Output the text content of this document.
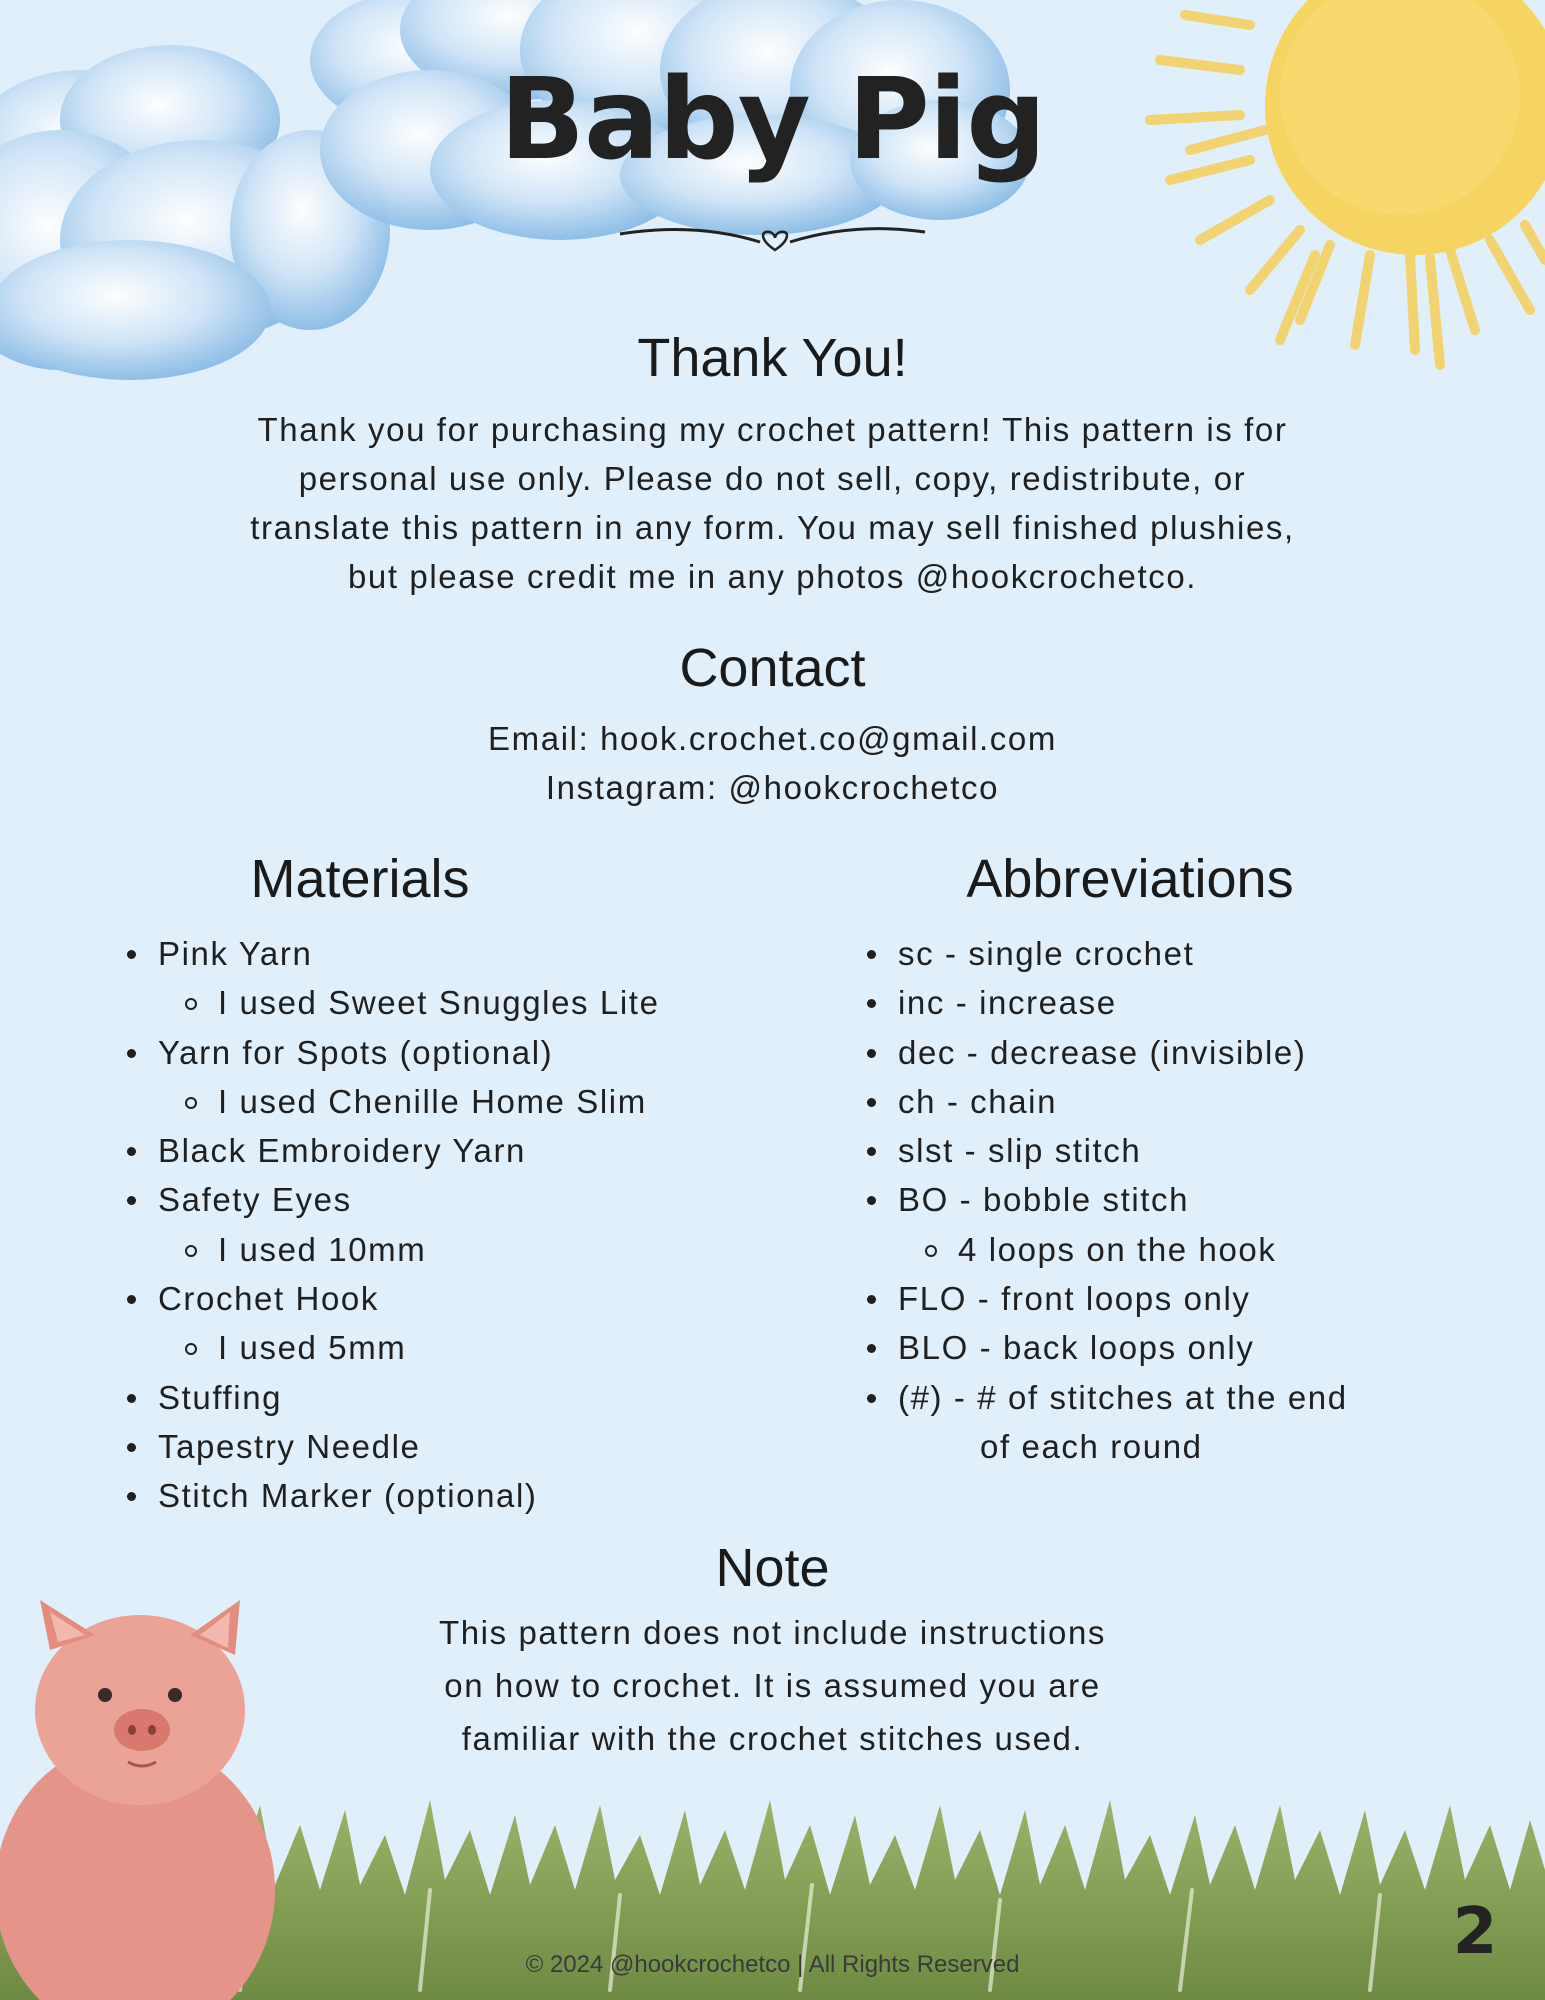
Baby Pig
Thank You!
Thank you for purchasing my crochet pattern! This pattern is for
personal use only. Please do not sell, copy, redistribute, or
translate this pattern in any form. You may sell finished plushies,
but please credit me in any photos @hookcrochetco.
Contact
Email: hook.crochet.co@gmail.com
Instagram: @hookcrochetco
Materials
Pink Yarn
I used Sweet Snuggles Lite
Yarn for Spots (optional)
I used Chenille Home Slim
Black Embroidery Yarn
Safety Eyes
I used 10mm
Crochet Hook
I used 5mm
Stuffing
Tapestry Needle
Stitch Marker (optional)
Abbreviations
sc - single crochet
inc - increase
dec - decrease (invisible)
ch - chain
slst - slip stitch
BO - bobble stitch
4 loops on the hook
FLO - front loops only
BLO - back loops only
(#) - # of stitches at the end
of each round
Note
This pattern does not include instructions
on how to crochet. It is assumed you are
familiar with the crochet stitches used.
© 2024 @hookcrochetco | All Rights Reserved	2
